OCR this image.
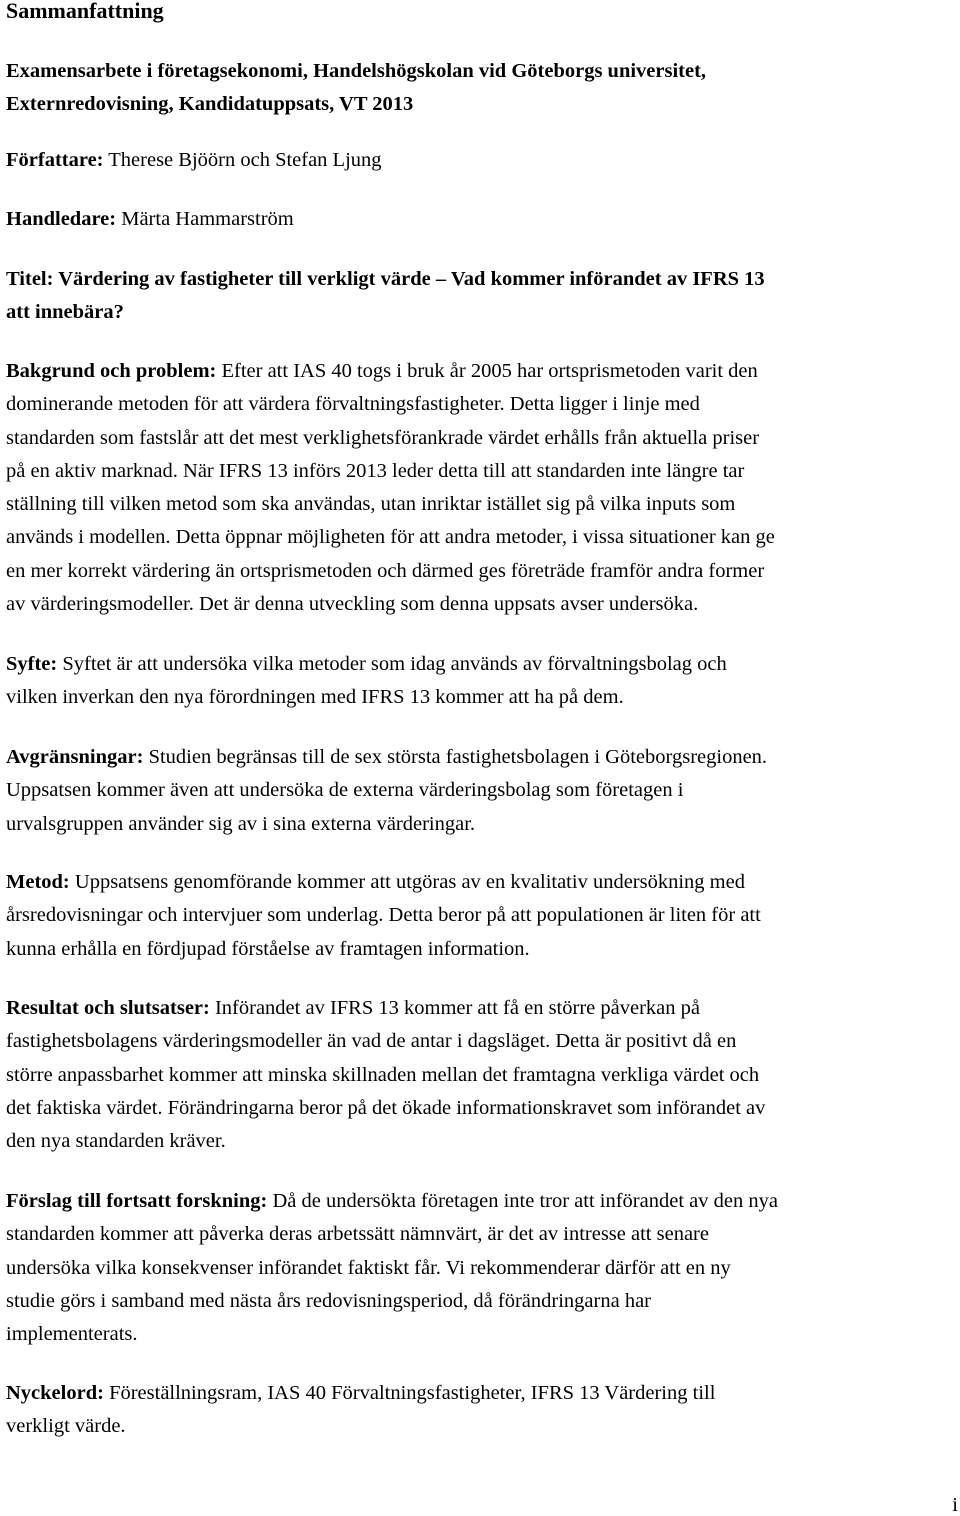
Sammanfattning

Examensarbete i företagsekonomi, Handelshögskolan vid Göteborgs universitet,
Externredovisning, Kandidatuppsats, VT 2013

Författare: Therese Bjöörn och Stefan Ljung

Handledare: Märta Hammarström

Titel: Värdering av fastigheter till verkligt värde – Vad kommer införandet av IFRS 13
att innebära?

Bakgrund och problem: Efter att IAS 40 togs i bruk år 2005 har ortsprismetoden varit den
dominerande metoden för att värdera förvaltningsfastigheter. Detta ligger i linje med
standarden som fastslår att det mest verklighetsförankrade värdet erhålls från aktuella priser
på en aktiv marknad. När IFRS 13 införs 2013 leder detta till att standarden inte längre tar
ställning till vilken metod som ska användas, utan inriktar istället sig på vilka inputs som
används i modellen. Detta öppnar möjligheten för att andra metoder, i vissa situationer kan ge
en mer korrekt värdering än ortsprismetoden och därmed ges företräde framför andra former
av värderingsmodeller. Det är denna utveckling som denna uppsats avser undersöka.

Syfte: Syftet är att undersöka vilka metoder som idag används av förvaltningsbolag och
vilken inverkan den nya förordningen med IFRS 13 kommer att ha på dem.

Avgränsningar: Studien begränsas till de sex största fastighetsbolagen i Göteborgsregionen.
Uppsatsen kommer även att undersöka de externa värderingsbolag som företagen i
urvalsgruppen använder sig av i sina externa värderingar.

Metod: Uppsatsens genomförande kommer att utgöras av en kvalitativ undersökning med
årsredovisningar och intervjuer som underlag. Detta beror på att populationen är liten för att
kunna erhålla en fördjupad förståelse av framtagen information.

Resultat och slutsatser: Införandet av IFRS 13 kommer att få en större påverkan på
fastighetsbolagens värderingsmodeller än vad de antar i dagsläget. Detta är positivt då en
större anpassbarhet kommer att minska skillnaden mellan det framtagna verkliga värdet och
det faktiska värdet. Förändringarna beror på det ökade informationskravet som införandet av
den nya standarden kräver.

Förslag till fortsatt forskning: Då de undersökta företagen inte tror att införandet av den nya
standarden kommer att påverka deras arbetssätt nämnvärt, är det av intresse att senare
undersöka vilka konsekvenser införandet faktiskt får. Vi rekommenderar därför att en ny
studie görs i samband med nästa års redovisningsperiod, då förändringarna har
implementerats.

Nyckelord: Föreställningsram, IAS 40 Förvaltningsfastigheter, IFRS 13 Värdering till
verkligt värde.

i
